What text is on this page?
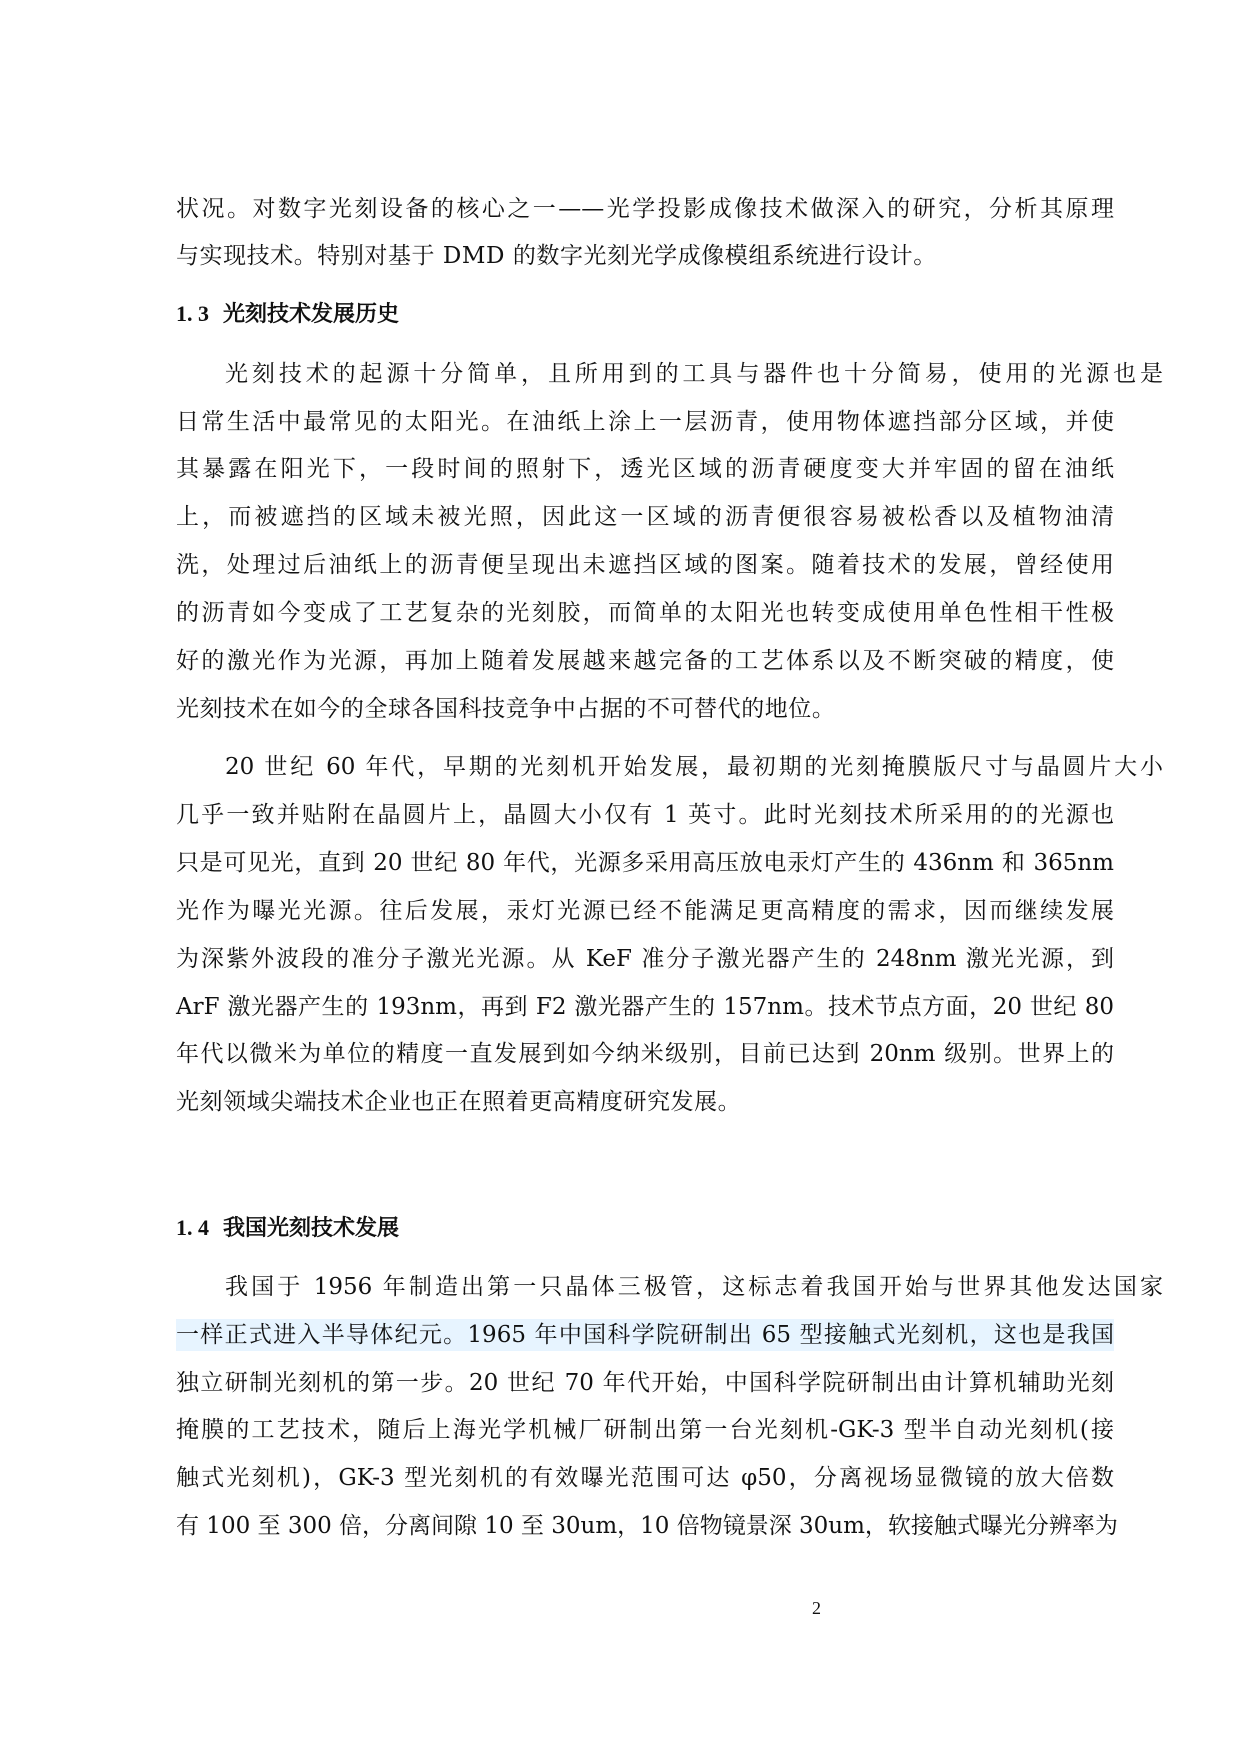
状况。对数字光刻设备的核心之一——光学投影成像技术做深入的研究，分析其原理
与实现技术。特别对基于 DMD 的数字光刻光学成像模组系统进行设计。
1. 3 光刻技术发展历史
光刻技术的起源十分简单，且所用到的工具与器件也十分简易，使用的光源也是
日常生活中最常见的太阳光。在油纸上涂上一层沥青，使用物体遮挡部分区域，并使
其暴露在阳光下，一段时间的照射下，透光区域的沥青硬度变大并牢固的留在油纸
上，而被遮挡的区域未被光照，因此这一区域的沥青便很容易被松香以及植物油清
洗，处理过后油纸上的沥青便呈现出未遮挡区域的图案。随着技术的发展，曾经使用
的沥青如今变成了工艺复杂的光刻胶，而简单的太阳光也转变成使用单色性相干性极
好的激光作为光源，再加上随着发展越来越完备的工艺体系以及不断突破的精度，使
光刻技术在如今的全球各国科技竞争中占据的不可替代的地位。
20 世纪 60 年代，早期的光刻机开始发展，最初期的光刻掩膜版尺寸与晶圆片大小
几乎一致并贴附在晶圆片上，晶圆大小仅有 1 英寸。此时光刻技术所采用的的光源也
只是可见光，直到 20 世纪 80 年代，光源多采用高压放电汞灯产生的 436nm 和 365nm
光作为曝光光源。往后发展，汞灯光源已经不能满足更高精度的需求，因而继续发展
为深紫外波段的准分子激光光源。从 KeF 准分子激光器产生的 248nm 激光光源，到
ArF 激光器产生的 193nm，再到 F2 激光器产生的 157nm。技术节点方面，20 世纪 80
年代以微米为单位的精度一直发展到如今纳米级别，目前已达到 20nm 级别。世界上的
光刻领域尖端技术企业也正在照着更高精度研究发展。
1. 4 我国光刻技术发展
我国于 1956 年制造出第一只晶体三极管，这标志着我国开始与世界其他发达国家
一样正式进入半导体纪元。1965 年中国科学院研制出 65 型接触式光刻机，这也是我国
独立研制光刻机的第一步。20 世纪 70 年代开始，中国科学院研制出由计算机辅助光刻
掩膜的工艺技术，随后上海光学机械厂研制出第一台光刻机-GK-3 型半自动光刻机(接
触式光刻机)，GK-3 型光刻机的有效曝光范围可达 φ50，分离视场显微镜的放大倍数
有 100 至 300 倍，分离间隙 10 至 30um，10 倍物镜景深 30um，软接触式曝光分辨率为
2
